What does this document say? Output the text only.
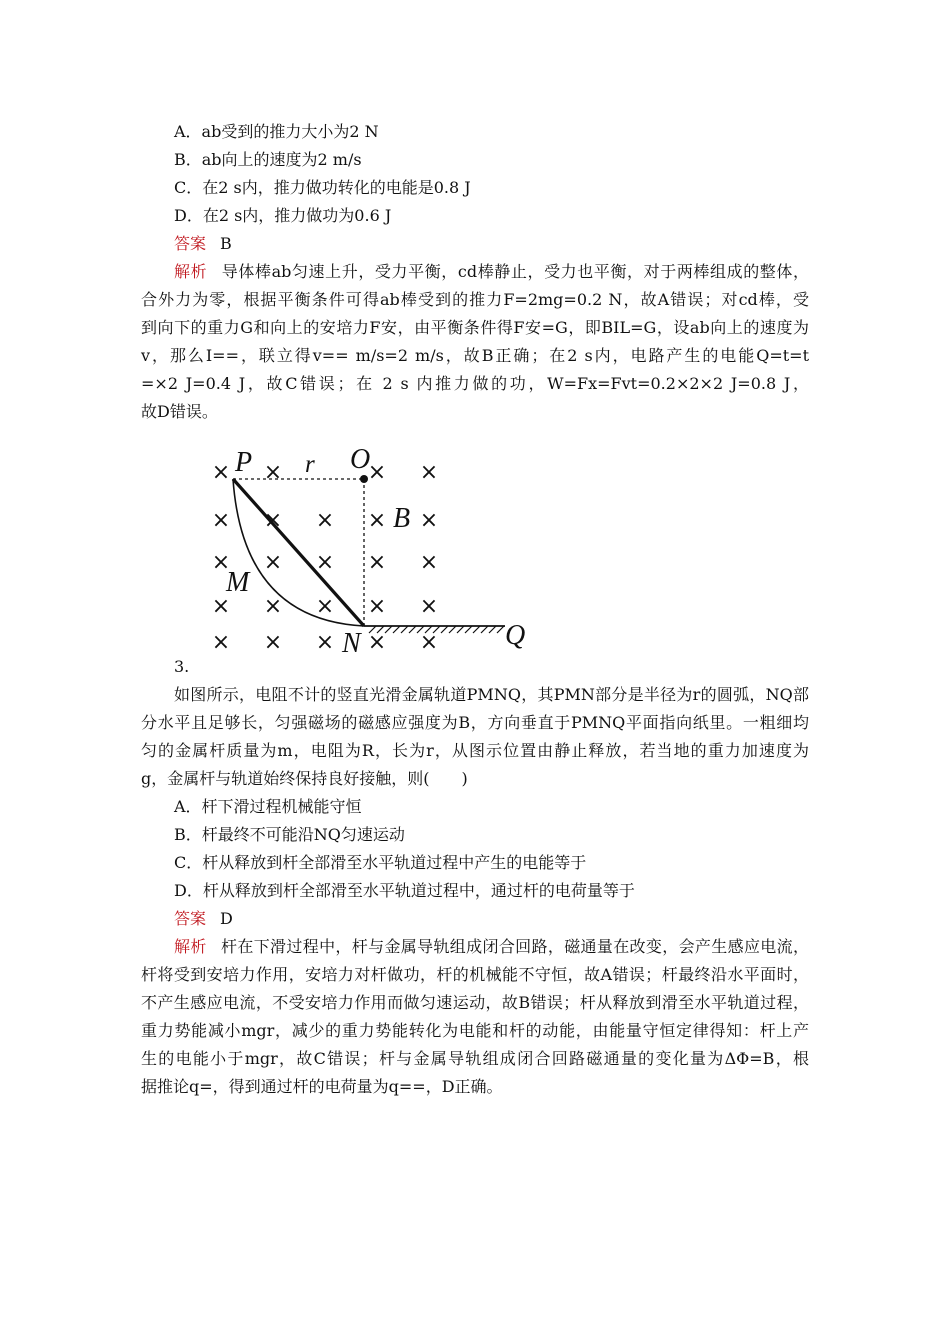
A．ab受到的推力大小为2 N
B．ab向上的速度为2 m/s
C．在2 s内，推力做功转化的电能是0.8 J
D．在2 s内，推力做功为0.6 J
答案 B
解析 导体棒ab匀速上升，受力平衡，cd棒静止，受力也平衡，对于两棒组成的整体，
合外力为零，根据平衡条件可得ab棒受到的推力F=2mg=0.2 N，故A错误；对cd棒，受
到向下的重力G和向上的安培力F安，由平衡条件得F安=G，即BIL=G，设ab向上的速度为
v，那么I==，联立得v== m/s=2 m/s，故B正确；在2 s内，电路产生的电能Q=t=t
=×2 J=0.4 J，故C错误；在 2 s 内推力做的功，W=Fx=Fvt=0.2×2×2 J=0.8 J，
故D错误。
× ×	× ×
× × × × ×
× × × × ×
× × × × ×
× × × × ×
P r O
B
M
N	Q
3.
如图所示，电阻不计的竖直光滑金属轨道PMNQ，其PMN部分是半径为r的圆弧，NQ部
分水平且足够长，匀强磁场的磁感应强度为B，方向垂直于PMNQ平面指向纸里。一粗细均
匀的金属杆质量为m，电阻为R，长为r，从图示位置由静止释放，若当地的重力加速度为
g，金属杆与轨道始终保持良好接触，则(　　)
A．杆下滑过程机械能守恒
B．杆最终不可能沿NQ匀速运动
C．杆从释放到杆全部滑至水平轨道过程中产生的电能等于
D．杆从释放到杆全部滑至水平轨道过程中，通过杆的电荷量等于
答案 D
解析 杆在下滑过程中，杆与金属导轨组成闭合回路，磁通量在改变，会产生感应电流，
杆将受到安培力作用，安培力对杆做功，杆的机械能不守恒，故A错误；杆最终沿水平面时，
不产生感应电流，不受安培力作用而做匀速运动，故B错误；杆从释放到滑至水平轨道过程，
重力势能减小mgr，减少的重力势能转化为电能和杆的动能，由能量守恒定律得知：杆上产
生的电能小于mgr，故C错误；杆与金属导轨组成闭合回路磁通量的变化量为ΔΦ=B，根
据推论q=，得到通过杆的电荷量为q==，D正确。
